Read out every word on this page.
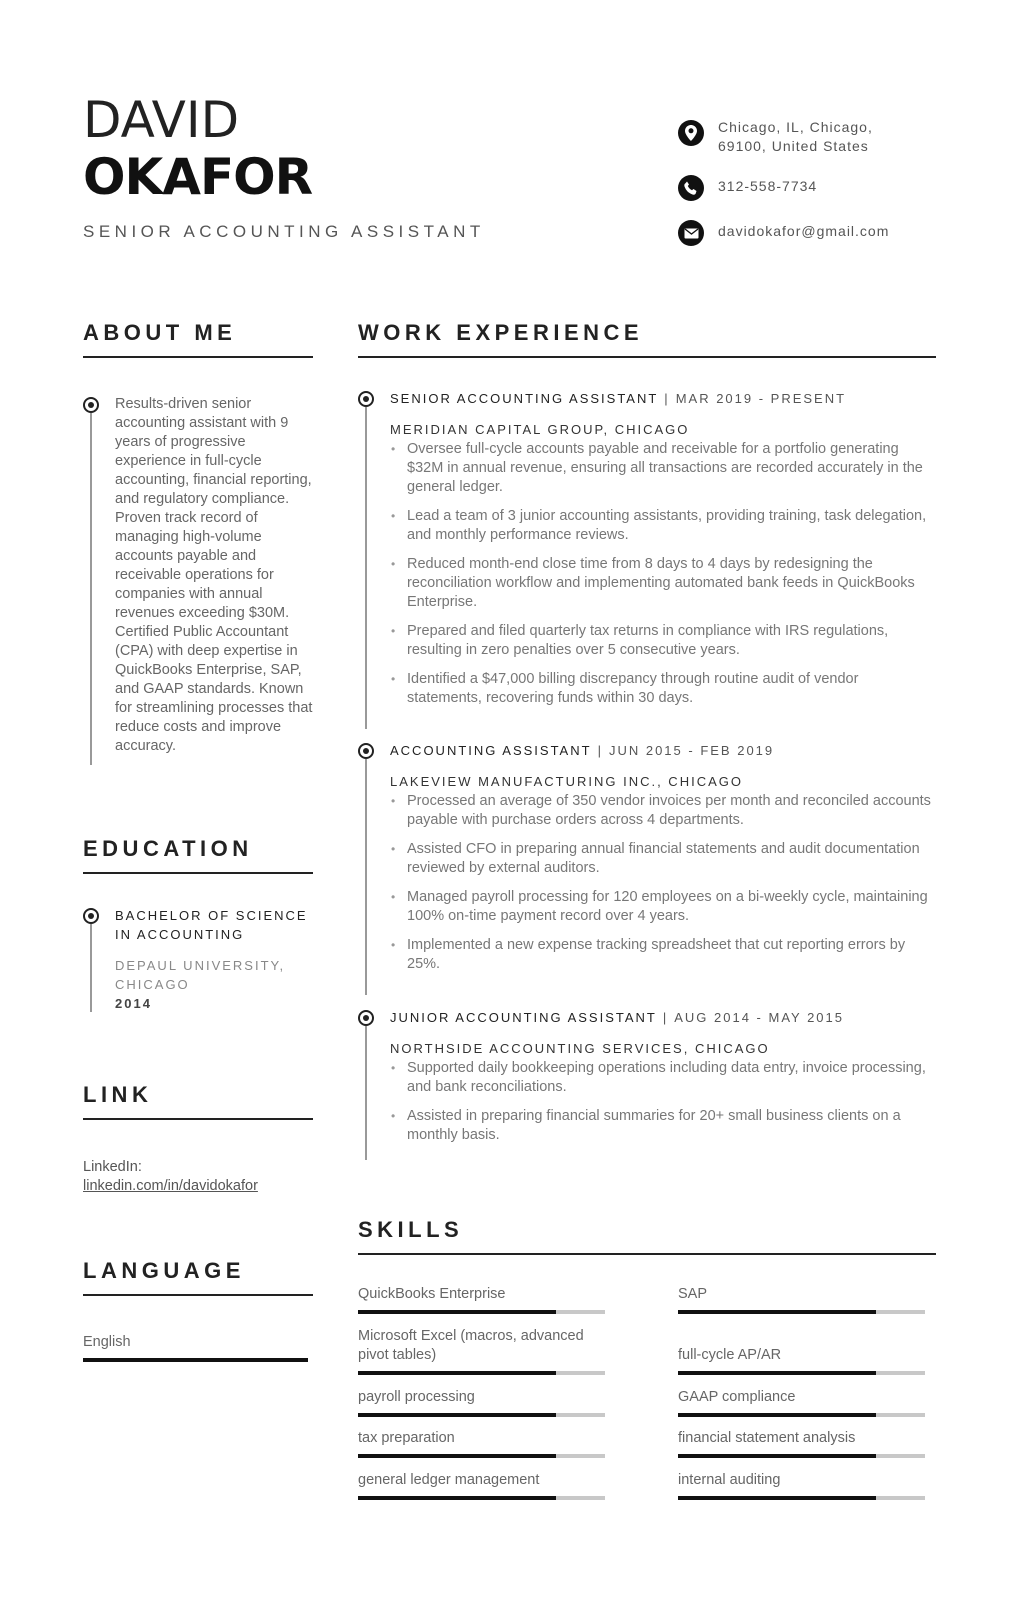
DAVID
OKAFOR
SENIOR ACCOUNTING ASSISTANT
Chicago, IL, Chicago,
69100, United States
312-558-7734
davidokafor@gmail.com
ABOUT ME
Results-driven senior accounting assistant with 9 years of progressive experience in full-cycle accounting, financial reporting, and regulatory compliance. Proven track record of managing high-volume accounts payable and receivable operations for companies with annual revenues exceeding $30M. Certified Public Accountant (CPA) with deep expertise in QuickBooks Enterprise, SAP, and GAAP standards. Known for streamlining processes that reduce costs and improve accuracy.
EDUCATION
BACHELOR OF SCIENCE IN ACCOUNTING
DEPAUL UNIVERSITY, CHICAGO
2014
LINK
LinkedIn:
linkedin.com/in/davidokafor
LANGUAGE
English
WORK EXPERIENCE
SENIOR ACCOUNTING ASSISTANT | MAR 2019 - PRESENT
MERIDIAN CAPITAL GROUP, CHICAGO
• Oversee full-cycle accounts payable and receivable for a portfolio generating $32M in annual revenue, ensuring all transactions are recorded accurately in the general ledger.
• Lead a team of 3 junior accounting assistants, providing training, task delegation, and monthly performance reviews.
• Reduced month-end close time from 8 days to 4 days by redesigning the reconciliation workflow and implementing automated bank feeds in QuickBooks Enterprise.
• Prepared and filed quarterly tax returns in compliance with IRS regulations, resulting in zero penalties over 5 consecutive years.
• Identified a $47,000 billing discrepancy through routine audit of vendor statements, recovering funds within 30 days.
ACCOUNTING ASSISTANT | JUN 2015 - FEB 2019
LAKEVIEW MANUFACTURING INC., CHICAGO
• Processed an average of 350 vendor invoices per month and reconciled accounts payable with purchase orders across 4 departments.
• Assisted CFO in preparing annual financial statements and audit documentation reviewed by external auditors.
• Managed payroll processing for 120 employees on a bi-weekly cycle, maintaining 100% on-time payment record over 4 years.
• Implemented a new expense tracking spreadsheet that cut reporting errors by 25%.
JUNIOR ACCOUNTING ASSISTANT | AUG 2014 - MAY 2015
NORTHSIDE ACCOUNTING SERVICES, CHICAGO
• Supported daily bookkeeping operations including data entry, invoice processing, and bank reconciliations.
• Assisted in preparing financial summaries for 20+ small business clients on a monthly basis.
SKILLS
QuickBooks Enterprise	SAP
Microsoft Excel (macros, advanced pivot tables)	full-cycle AP/AR
payroll processing	GAAP compliance
tax preparation	financial statement analysis
general ledger management	internal auditing
